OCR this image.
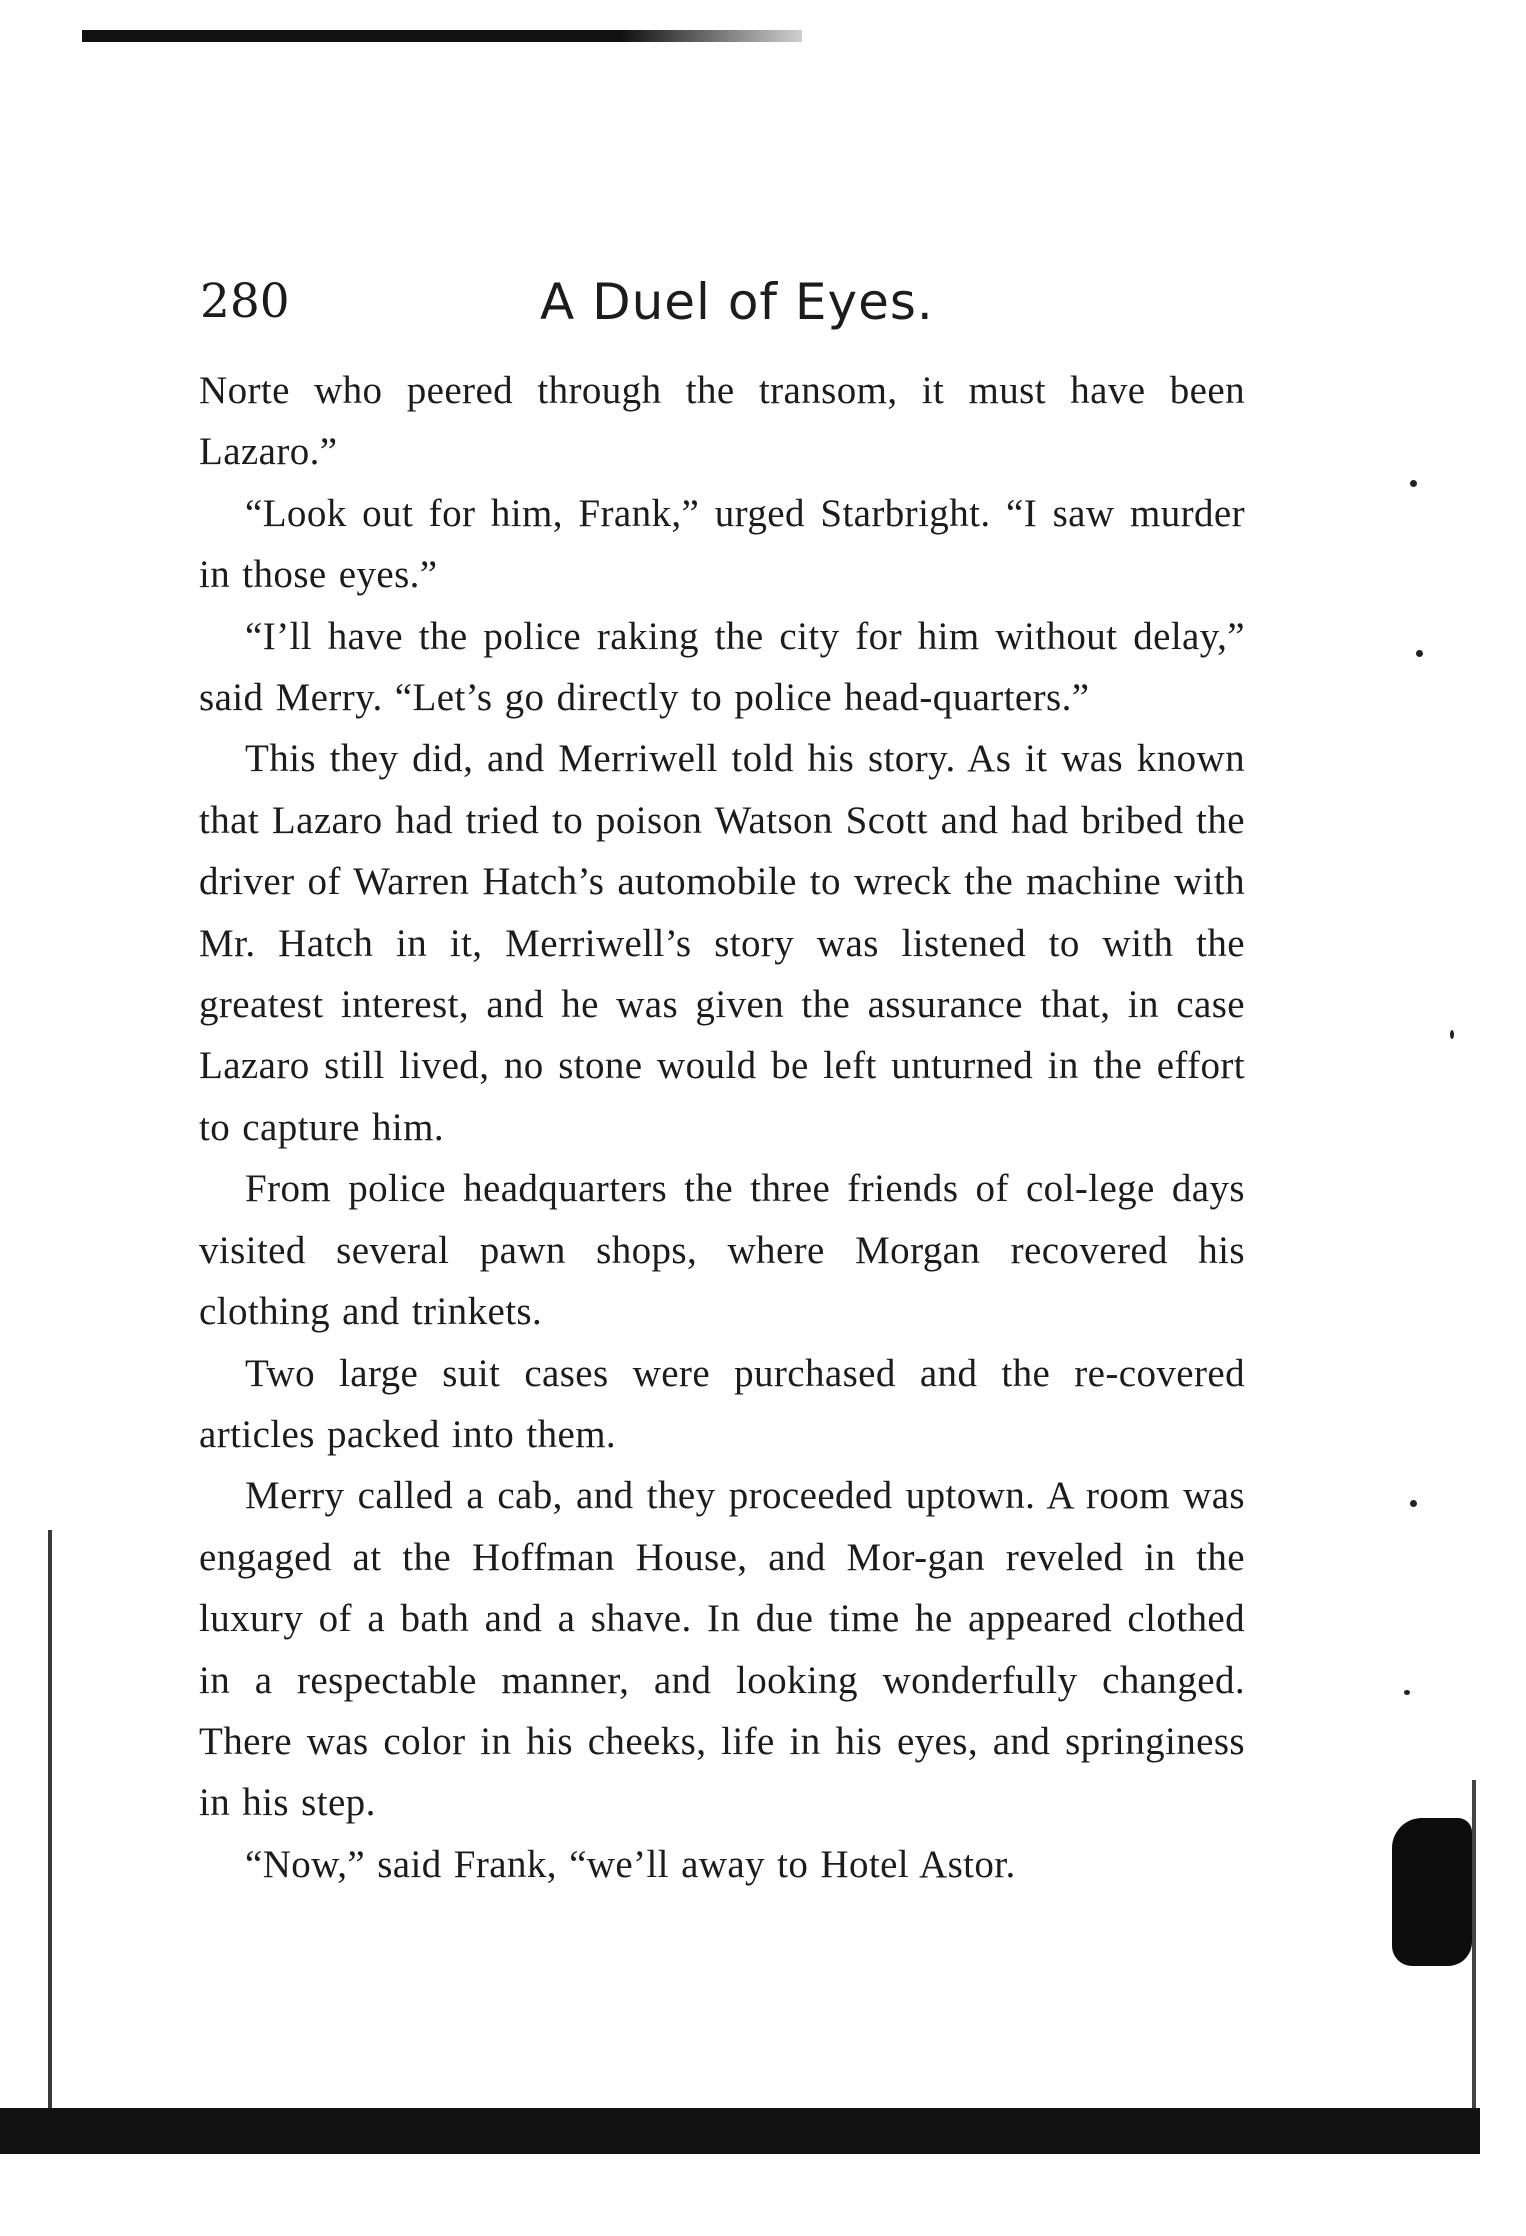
280	A Duel of Eyes.

Norte who peered through the transom, it must have been Lazaro.”

“Look out for him, Frank,” urged Starbright. “I saw murder in those eyes.”

“I’ll have the police raking the city for him without delay,” said Merry. “Let’s go directly to police head-quarters.”

This they did, and Merriwell told his story. As it was known that Lazaro had tried to poison Watson Scott and had bribed the driver of Warren Hatch’s automobile to wreck the machine with Mr. Hatch in it, Merriwell’s story was listened to with the greatest interest, and he was given the assurance that, in case Lazaro still lived, no stone would be left unturned in the effort to capture him.

From police headquarters the three friends of col-lege days visited several pawn shops, where Morgan recovered his clothing and trinkets.

Two large suit cases were purchased and the re-covered articles packed into them.

Merry called a cab, and they proceeded uptown. A room was engaged at the Hoffman House, and Mor-gan reveled in the luxury of a bath and a shave. In due time he appeared clothed in a respectable manner, and looking wonderfully changed. There was color in his cheeks, life in his eyes, and springiness in his step.

“Now,” said Frank, “we’ll away to Hotel Astor.
